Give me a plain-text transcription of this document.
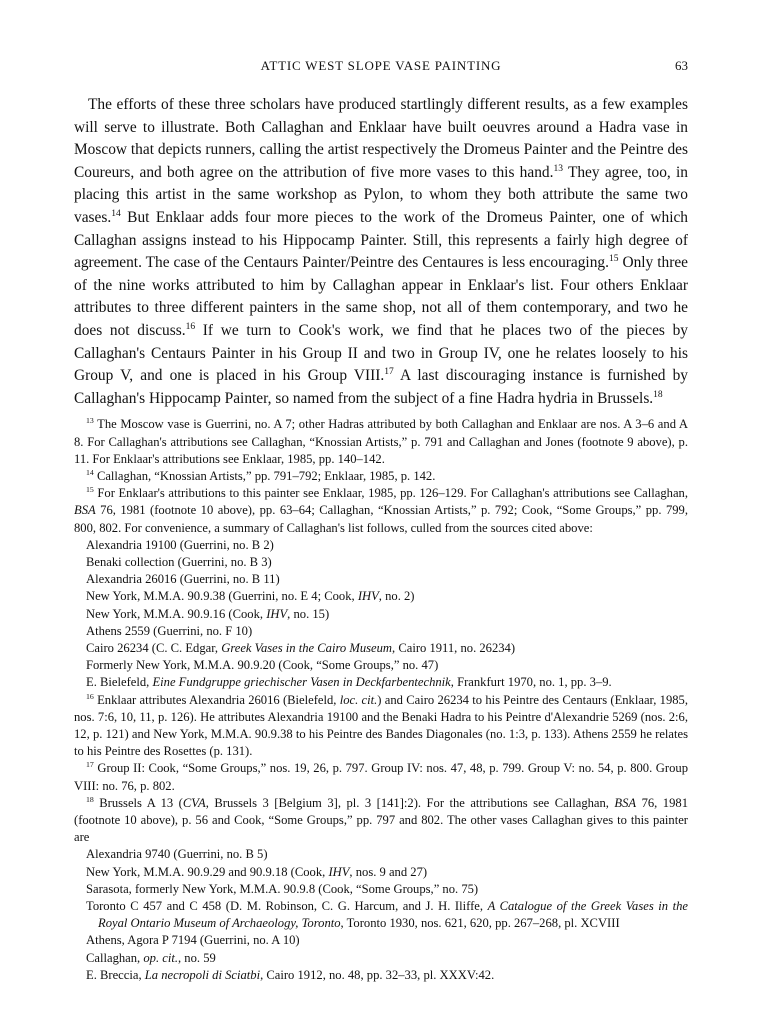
ATTIC WEST SLOPE VASE PAINTING	63

The efforts of these three scholars have produced startlingly different results, as a few examples will serve to illustrate. Both Callaghan and Enklaar have built oeuvres around a Hadra vase in Moscow that depicts runners, calling the artist respectively the Dromeus Painter and the Peintre des Coureurs, and both agree on the attribution of five more vases to this hand.$^{13}$ They agree, too, in placing this artist in the same workshop as Pylon, to whom they both attribute the same two vases.$^{14}$ But Enklaar adds four more pieces to the work of the Dromeus Painter, one of which Callaghan assigns instead to his Hippocamp Painter. Still, this represents a fairly high degree of agreement. The case of the Centaurs Painter/Peintre des Centaures is less encouraging.$^{15}$ Only three of the nine works attributed to him by Callaghan appear in Enklaar's list. Four others Enklaar attributes to three different painters in the same shop, not all of them contemporary, and two he does not discuss.$^{16}$ If we turn to Cook's work, we find that he places two of the pieces by Callaghan's Centaurs Painter in his Group II and two in Group IV, one he relates loosely to his Group V, and one is placed in his Group VIII.$^{17}$ A last discouraging instance is furnished by Callaghan's Hippocamp Painter, so named from the subject of a fine Hadra hydria in Brussels.$^{18}$

$^{13}$ The Moscow vase is Guerrini, no. A 7; other Hadras attributed by both Callaghan and Enklaar are nos. A 3–6 and A 8. For Callaghan's attributions see Callaghan, “Knossian Artists,” p. 791 and Callaghan and Jones (footnote 9 above), p. 11. For Enklaar's attributions see Enklaar, 1985, pp. 140–142.

$^{14}$ Callaghan, “Knossian Artists,” pp. 791–792; Enklaar, 1985, p. 142.

$^{15}$ For Enklaar's attributions to this painter see Enklaar, 1985, pp. 126–129. For Callaghan's attributions see Callaghan, BSA 76, 1981 (footnote 10 above), pp. 63–64; Callaghan, “Knossian Artists,” p. 792; Cook, “Some Groups,” pp. 799, 800, 802. For convenience, a summary of Callaghan's list follows, culled from the sources cited above:

Alexandria 19100 (Guerrini, no. B 2)
Benaki collection (Guerrini, no. B 3)
Alexandria 26016 (Guerrini, no. B 11)
New York, M.M.A. 90.9.38 (Guerrini, no. E 4; Cook, IHV, no. 2)
New York, M.M.A. 90.9.16 (Cook, IHV, no. 15)
Athens 2559 (Guerrini, no. F 10)
Cairo 26234 (C. C. Edgar, Greek Vases in the Cairo Museum, Cairo 1911, no. 26234)
Formerly New York, M.M.A. 90.9.20 (Cook, “Some Groups,” no. 47)
E. Bielefeld, Eine Fundgruppe griechischer Vasen in Deckfarbentechnik, Frankfurt 1970, no. 1, pp. 3–9.

$^{16}$ Enklaar attributes Alexandria 26016 (Bielefeld, loc. cit.) and Cairo 26234 to his Peintre des Centaurs (Enklaar, 1985, nos. 7:6, 10, 11, p. 126). He attributes Alexandria 19100 and the Benaki Hadra to his Peintre d'Alexandrie 5269 (nos. 2:6, 12, p. 121) and New York, M.M.A. 90.9.38 to his Peintre des Bandes Diagonales (no. 1:3, p. 133). Athens 2559 he relates to his Peintre des Rosettes (p. 131).

$^{17}$ Group II: Cook, “Some Groups,” nos. 19, 26, p. 797. Group IV: nos. 47, 48, p. 799. Group V: no. 54, p. 800. Group VIII: no. 76, p. 802.

$^{18}$ Brussels A 13 (CVA, Brussels 3 [Belgium 3], pl. 3 [141]:2). For the attributions see Callaghan, BSA 76, 1981 (footnote 10 above), p. 56 and Cook, “Some Groups,” pp. 797 and 802. The other vases Callaghan gives to this painter are

Alexandria 9740 (Guerrini, no. B 5)
New York, M.M.A. 90.9.29 and 90.9.18 (Cook, IHV, nos. 9 and 27)
Sarasota, formerly New York, M.M.A. 90.9.8 (Cook, “Some Groups,” no. 75)
Toronto C 457 and C 458 (D. M. Robinson, C. G. Harcum, and J. H. Iliffe, A Catalogue of the Greek Vases in the Royal Ontario Museum of Archaeology, Toronto, Toronto 1930, nos. 621, 620, pp. 267–268, pl. XCVIII
Athens, Agora P 7194 (Guerrini, no. A 10)
Callaghan, op. cit., no. 59
E. Breccia, La necropoli di Sciatbi, Cairo 1912, no. 48, pp. 32–33, pl. XXXV:42.
